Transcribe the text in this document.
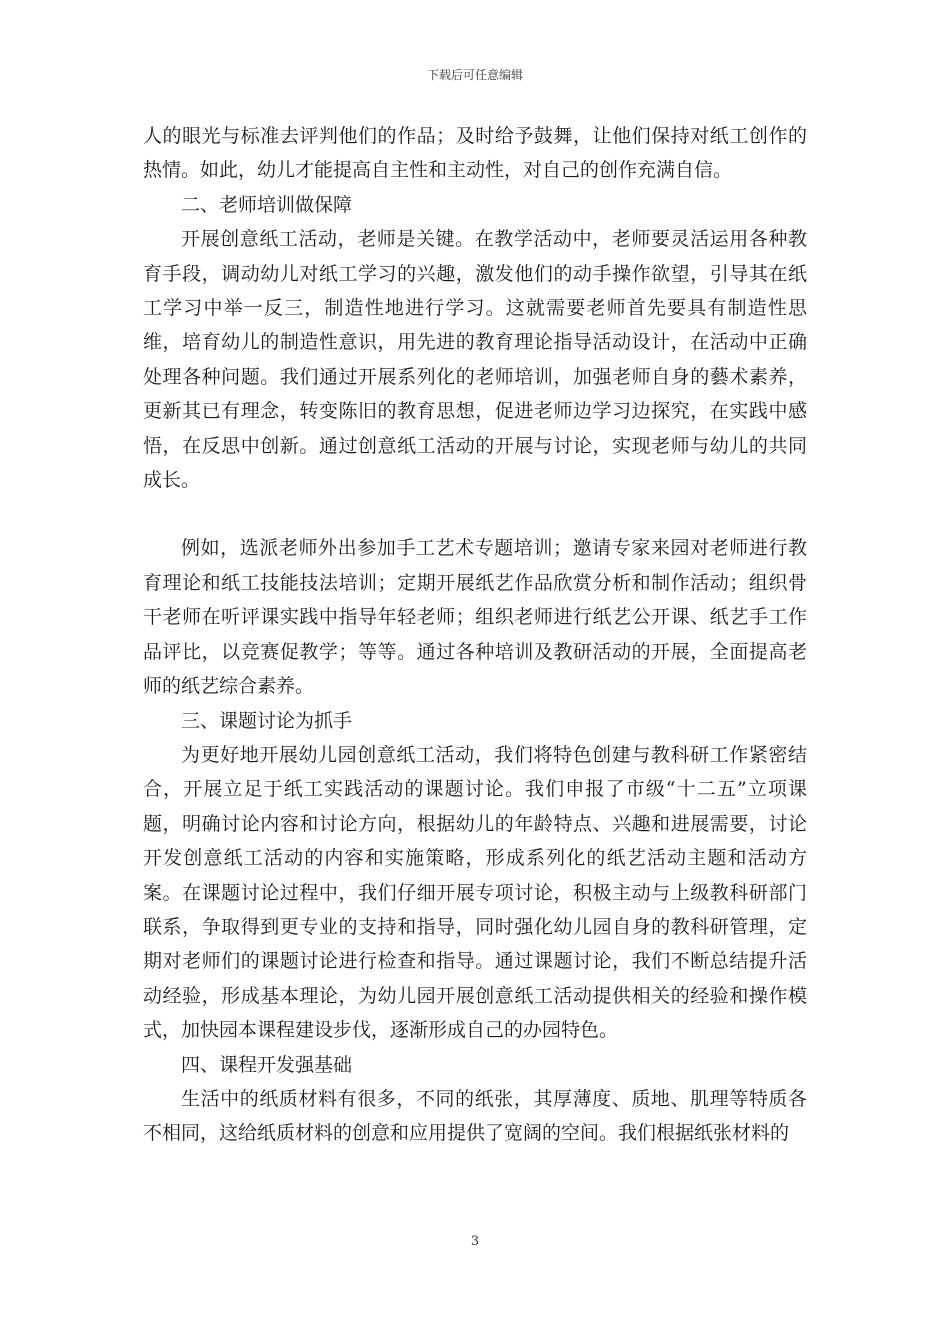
下载后可任意编辑

人的眼光与标准去评判他们的作品；及时给予鼓舞，让他们保持对纸工创作的热情。如此，幼儿才能提高自主性和主动性，对自己的创作充满自信。

二、老师培训做保障

开展创意纸工活动，老师是关键。在教学活动中，老师要灵活运用各种教育手段，调动幼儿对纸工学习的兴趣，激发他们的动手操作欲望，引导其在纸工学习中举一反三，制造性地进行学习。这就需要老师首先要具有制造性思维，培育幼儿的制造性意识，用先进的教育理论指导活动设计，在活动中正确处理各种问题。我们通过开展系列化的老师培训，加强老师自身的藝术素养，更新其已有理念，转变陈旧的教育思想，促进老师边学习边探究，在实践中感悟，在反思中创新。通过创意纸工活动的开展与讨论，实现老师与幼儿的共同成长。

例如，选派老师外出参加手工艺术专题培训；邀请专家来园对老师进行教育理论和纸工技能技法培训；定期开展纸艺作品欣赏分析和制作活动；组织骨干老师在听评课实践中指导年轻老师；组织老师进行纸艺公开课、纸艺手工作品评比，以竞赛促教学；等等。通过各种培训及教研活动的开展，全面提高老师的纸艺综合素养。

三、课题讨论为抓手

为更好地开展幼儿园创意纸工活动，我们将特色创建与教科研工作紧密结合，开展立足于纸工实践活动的课题讨论。我们申报了市级“十二五”立项课题，明确讨论内容和讨论方向，根据幼儿的年龄特点、兴趣和进展需要，讨论开发创意纸工活动的内容和实施策略，形成系列化的纸艺活动主题和活动方案。在课题讨论过程中，我们仔细开展专项讨论，积极主动与上级教科研部门联系，争取得到更专业的支持和指导，同时强化幼儿园自身的教科研管理，定期对老师们的课题讨论进行检查和指导。通过课题讨论，我们不断总结提升活动经验，形成基本理论，为幼儿园开展创意纸工活动提供相关的经验和操作模式，加快园本课程建设步伐，逐渐形成自己的办园特色。

四、课程开发强基础

生活中的纸质材料有很多，不同的纸张，其厚薄度、质地、肌理等特质各不相同，这给纸质材料的创意和应用提供了宽阔的空间。我们根据纸张材料的

3
